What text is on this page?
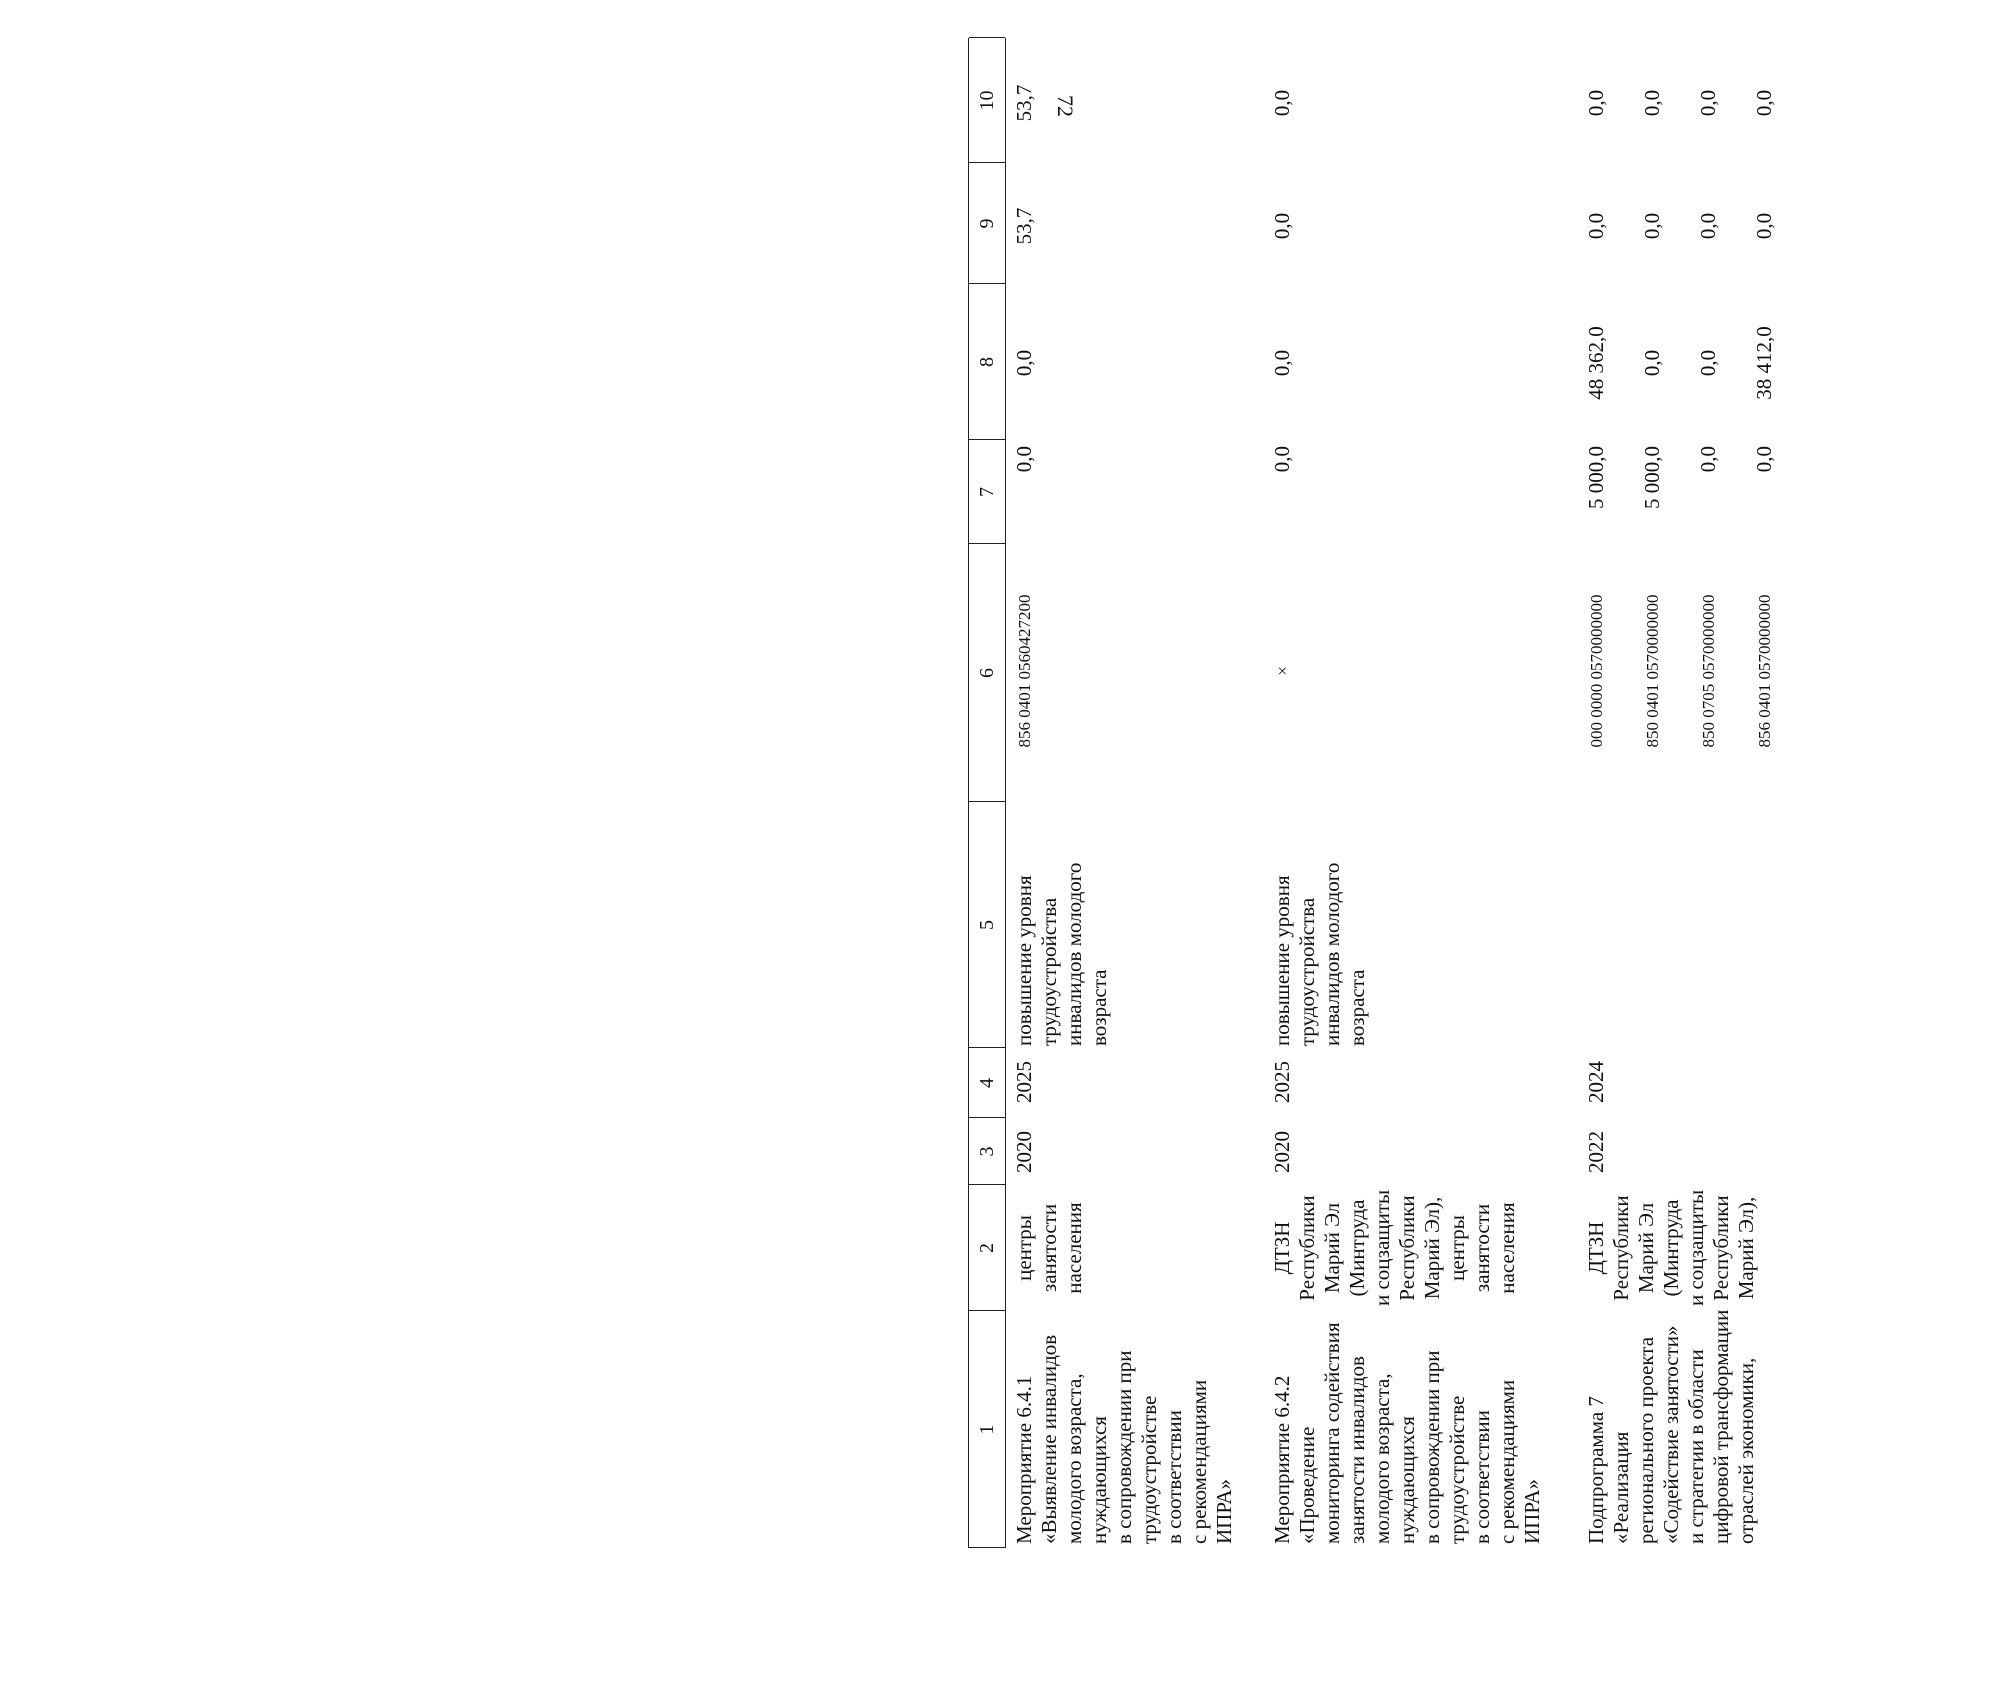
72
1
2
3
4
5
6
7
8
9
10
Мероприятие 6.4.1 «Выявление инвалидов молодого возраста, нуждающихся в сопровождении при трудоустройстве в соответствии с рекомендациями ИПРА»
центры занятости населения
2020
2025
повышение уровня трудоустройства инвалидов молодого возраста
856 0401 0560427200
0,0
0,0
53,7
53,7
Мероприятие 6.4.2 «Проведение мониторинга содействия занятости инвалидов молодого возраста, нуждающихся в сопровождении при трудоустройстве в соответствии с рекомендациями ИПРА»
ДТЗН Республики Марий Эл (Минтруда и соцзащиты Республики Марий Эл), центры занятости населения
2020
2025
повышение уровня трудоустройства инвалидов молодого возраста
×
0,0
0,0
0,0
0,0
Подпрограмма 7 «Реализация регионального проекта «Содействие занятости» и стратегии в области цифровой трансформации отраслей экономики,
ДТЗН Республики Марий Эл (Минтруда и соцзащиты Республики Марий Эл),
2022
2024
000 0000 0570000000 850 0401 0570000000 850 0705 0570000000 856 0401 0570000000
5 000,0 5 000,0 0,0 0,0
48 362,0 0,0 0,0 38 412,0
0,0 0,0 0,0 0,0
0,0 0,0 0,0 0,0
